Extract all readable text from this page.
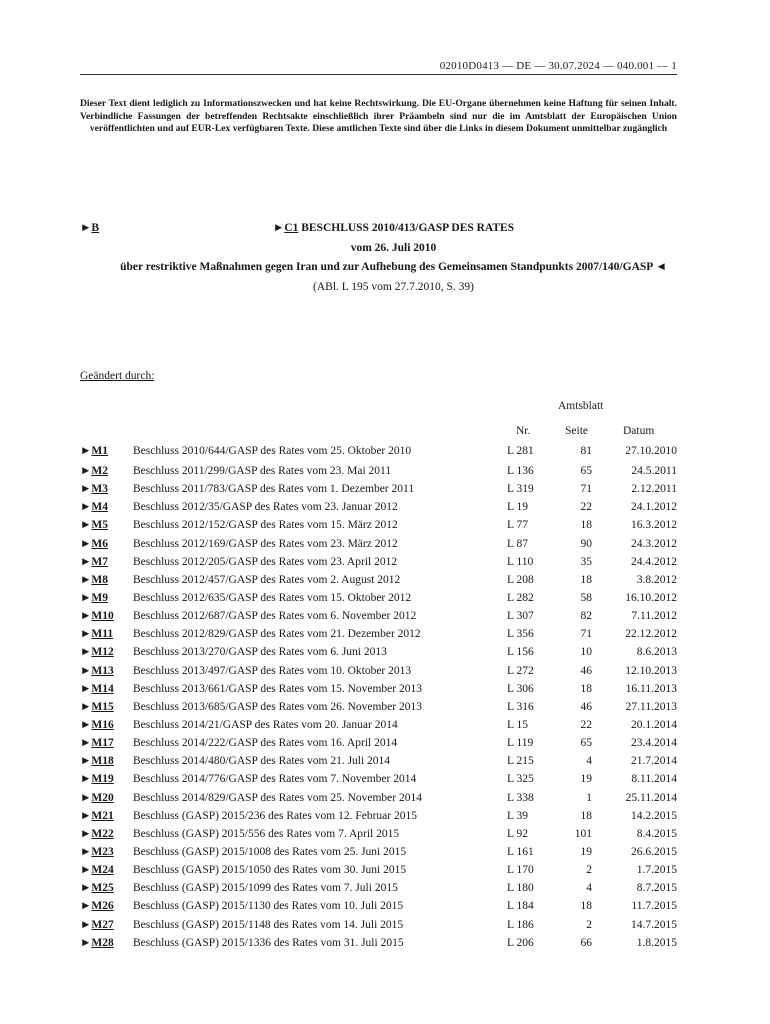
02010D0413 — DE — 30.07.2024 — 040.001 — 1
Dieser Text dient lediglich zu Informationszwecken und hat keine Rechtswirkung. Die EU-Organe übernehmen keine Haftung für seinen Inhalt. Verbindliche Fassungen der betreffenden Rechtsakte einschließlich ihrer Präambeln sind nur die im Amtsblatt der Europäischen Union veröffentlichten und auf EUR-Lex verfügbaren Texte. Diese amtlichen Texte sind über die Links in diesem Dokument unmittelbar zugänglich
►B	►C1 BESCHLUSS 2010/413/GASP DES RATES
vom 26. Juli 2010
über restriktive Maßnahmen gegen Iran und zur Aufhebung des Gemeinsamen Standpunkts 2007/140/GASP ◄
(ABl. L 195 vom 27.7.2010, S. 39)
Geändert durch:
Amtsblatt
Nr.	Seite	Datum
►M1 Beschluss 2010/644/GASP des Rates vom 25. Oktober 2010	L 281	81	27.10.2010
►M2 Beschluss 2011/299/GASP des Rates vom 23. Mai 2011	L 136	65	24.5.2011
►M3 Beschluss 2011/783/GASP des Rates vom 1. Dezember 2011	L 319	71	2.12.2011
►M4 Beschluss 2012/35/GASP des Rates vom 23. Januar 2012	L 19	22	24.1.2012
►M5 Beschluss 2012/152/GASP des Rates vom 15. März 2012	L 77	18	16.3.2012
►M6 Beschluss 2012/169/GASP des Rates vom 23. März 2012	L 87	90	24.3.2012
►M7 Beschluss 2012/205/GASP des Rates vom 23. April 2012	L 110	35	24.4.2012
►M8 Beschluss 2012/457/GASP des Rates vom 2. August 2012	L 208	18	3.8.2012
►M9 Beschluss 2012/635/GASP des Rates vom 15. Oktober 2012	L 282	58	16.10.2012
►M10 Beschluss 2012/687/GASP des Rates vom 6. November 2012	L 307	82	7.11.2012
►M11 Beschluss 2012/829/GASP des Rates vom 21. Dezember 2012	L 356	71	22.12.2012
►M12 Beschluss 2013/270/GASP des Rates vom 6. Juni 2013	L 156	10	8.6.2013
►M13 Beschluss 2013/497/GASP des Rates vom 10. Oktober 2013	L 272	46	12.10.2013
►M14 Beschluss 2013/661/GASP des Rates vom 15. November 2013	L 306	18	16.11.2013
►M15 Beschluss 2013/685/GASP des Rates vom 26. November 2013	L 316	46	27.11.2013
►M16 Beschluss 2014/21/GASP des Rates vom 20. Januar 2014	L 15	22	20.1.2014
►M17 Beschluss 2014/222/GASP des Rates vom 16. April 2014	L 119	65	23.4.2014
►M18 Beschluss 2014/480/GASP des Rates vom 21. Juli 2014	L 215	4	21.7.2014
►M19 Beschluss 2014/776/GASP des Rates vom 7. November 2014	L 325	19	8.11.2014
►M20 Beschluss 2014/829/GASP des Rates vom 25. November 2014	L 338	1	25.11.2014
►M21 Beschluss (GASP) 2015/236 des Rates vom 12. Februar 2015	L 39	18	14.2.2015
►M22 Beschluss (GASP) 2015/556 des Rates vom 7. April 2015	L 92	101	8.4.2015
►M23 Beschluss (GASP) 2015/1008 des Rates vom 25. Juni 2015	L 161	19	26.6.2015
►M24 Beschluss (GASP) 2015/1050 des Rates vom 30. Juni 2015	L 170	2	1.7.2015
►M25 Beschluss (GASP) 2015/1099 des Rates vom 7. Juli 2015	L 180	4	8.7.2015
►M26 Beschluss (GASP) 2015/1130 des Rates vom 10. Juli 2015	L 184	18	11.7.2015
►M27 Beschluss (GASP) 2015/1148 des Rates vom 14. Juli 2015	L 186	2	14.7.2015
►M28 Beschluss (GASP) 2015/1336 des Rates vom 31. Juli 2015	L 206	66	1.8.2015
